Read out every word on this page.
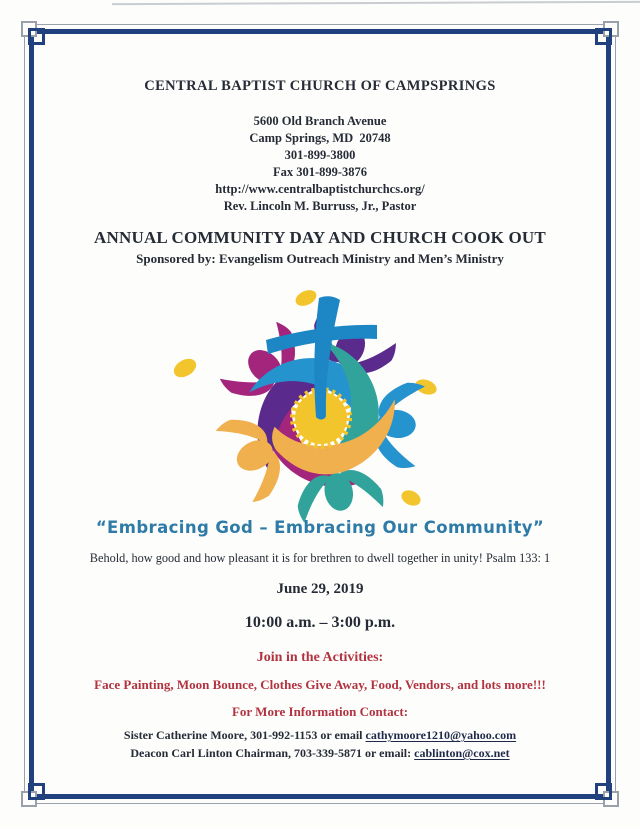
CENTRAL BAPTIST CHURCH OF CAMPSPRINGS
5600 Old Branch Avenue
Camp Springs, MD  20748
301-899-3800
Fax 301-899-3876
http://www.centralbaptistchurchcs.org/
Rev. Lincoln M. Burruss, Jr., Pastor
ANNUAL COMMUNITY DAY AND CHURCH COOK OUT
Sponsored by: Evangelism Outreach Ministry and Men’s Ministry
“Embracing God – Embracing Our Community”
Behold, how good and how pleasant it is for brethren to dwell together in unity! Psalm 133: 1
June 29, 2019
10:00 a.m. – 3:00 p.m.
Join in the Activities:
Face Painting, Moon Bounce, Clothes Give Away, Food, Vendors, and lots more!!!
For More Information Contact:
Sister Catherine Moore, 301-992-1153 or email cathymoore1210@yahoo.com
Deacon Carl Linton Chairman, 703-339-5871 or email: cablinton@cox.net
